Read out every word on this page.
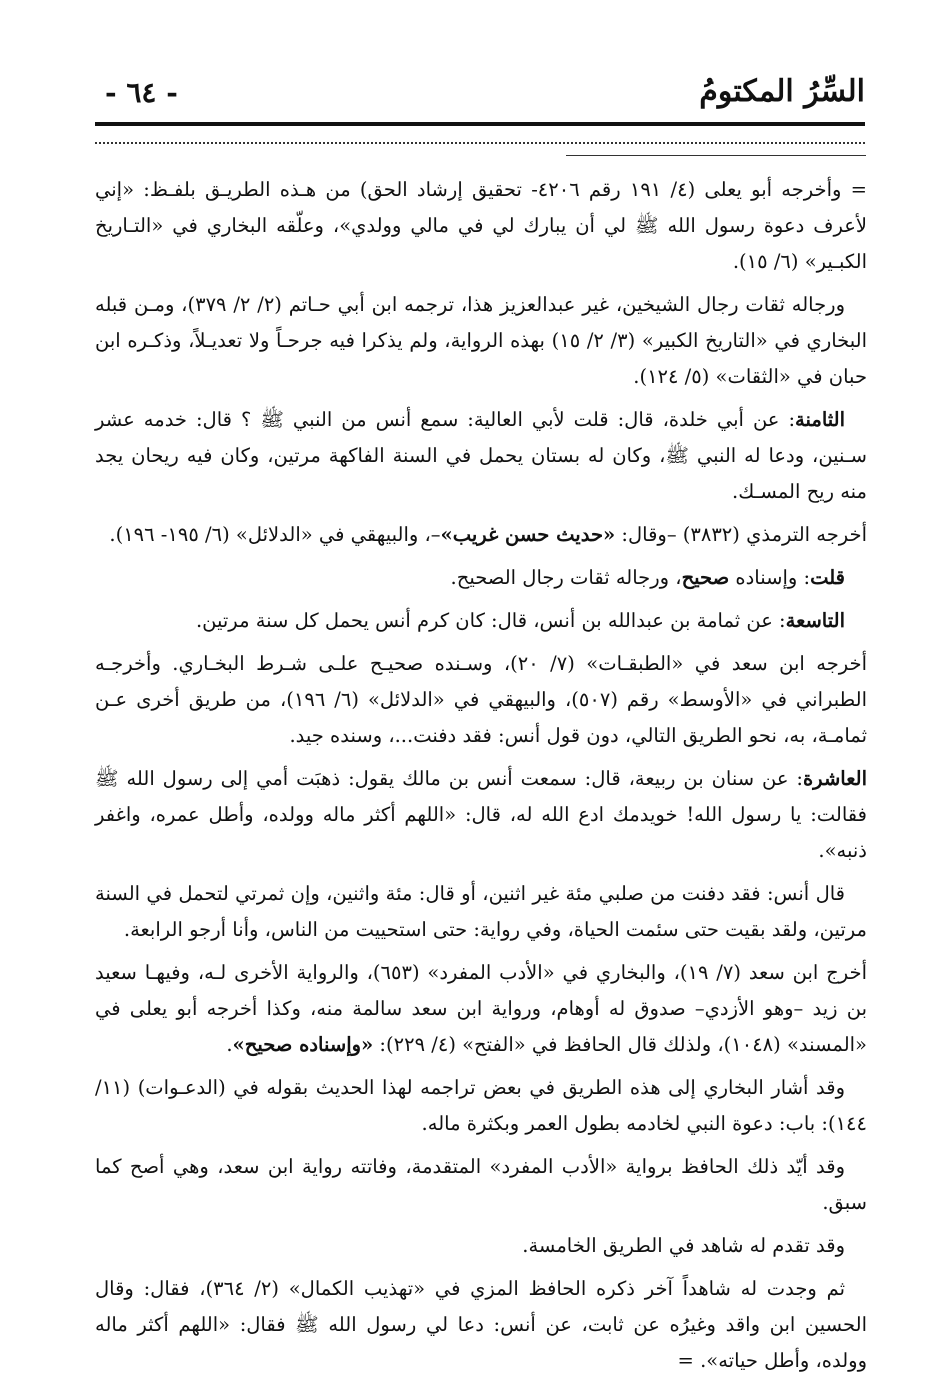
السِّرُ المكتومُ
- ٦٤ -

= وأخرجه أبو يعلى (٤/ ١٩١ رقم ٤٢٠٦- تحقيق إرشاد الحق) من هـذه الطريـق بلفـظ: «إني لأعرف دعوة رسول الله ﷺ لي أن يبارك لي في مالي وولدي»، وعلّقه البخاري في «التـاريخ الكبـير» (٦/ ١٥).

ورجاله ثقات رجال الشيخين، غير عبدالعزيز هذا، ترجمه ابن أبي حـاتم (٢/ ٢/ ٣٧٩)، ومـن قبله البخاري في «التاريخ الكبير» (٣/ ٢/ ١٥) بهذه الرواية، ولم يذكرا فيه جرحـاً ولا تعديـلاً، وذكـره ابن حبان في «الثقات» (٥/ ١٢٤).

الثامنة: عن أبي خلدة، قال: قلت لأبي العالية: سمع أنس من النبي ﷺ ؟ قال: خدمه عشر سـنين، ودعا له النبي ﷺ، وكان له بستان يحمل في السنة الفاكهة مرتين، وكان فيه ريحان يجد منه ريح المسـك.

أخرجه الترمذي (٣٨٣٢) –وقال: «حديث حسن غريب»–، والبيهقي في «الدلائل» (٦/ ١٩٥- ١٩٦).

قلت: وإسناده صحيح، ورجاله ثقات رجال الصحيح.

التاسعة: عن ثمامة بن عبدالله بن أنس، قال: كان كرم أنس يحمل كل سنة مرتين.

أخرجه ابن سعد في «الطبقـات» (٧/ ٢٠)، وسـنده صحيـح علـى شـرط البخـاري. وأخرجـه الطبراني في «الأوسط» رقم (٥٠٧)، والبيهقي في «الدلائل» (٦/ ١٩٦)، من طريق أخرى عـن ثمامـة، به، نحو الطريق التالي، دون قول أنس: فقد دفنت...، وسنده جيد.

العاشرة: عن سنان بن ربيعة، قال: سمعت أنس بن مالك يقول: ذهبَت أمي إلى رسول الله ﷺ فقالت: يا رسول الله! خويدمك ادع الله له، قال: «اللهم أكثر ماله وولده، وأطل عمره، واغفر ذنبه».

قال أنس: فقد دفنت من صلبي مئة غير اثنين، أو قال: مئة واثنين، وإن ثمرتي لتحمل في السنة مرتين، ولقد بقيت حتى سئمت الحياة، وفي رواية: حتى استحييت من الناس، وأنا أرجو الرابعة.

أخرج ابن سعد (٧/ ١٩)، والبخاري في «الأدب المفرد» (٦٥٣)، والرواية الأخرى لـه، وفيهـا سعيد بن زيد –وهو الأزدي– صدوق له أوهام، ورواية ابن سعد سالمة منه، وكذا أخرجه أبو يعلى في «المسند» (١٠٤٨)، ولذلك قال الحافظ في «الفتح» (٤/ ٢٢٩): «وإسناده صحيح».

وقد أشار البخاري إلى هذه الطريق في بعض تراجمه لهذا الحديث بقوله في (الدعـوات) (١١/ ١٤٤): باب: دعوة النبي لخادمه بطول العمر وبكثرة ماله.

وقد أيّد ذلك الحافظ برواية «الأدب المفرد» المتقدمة، وفاتته رواية ابن سعد، وهي أصح كما سبق.

وقد تقدم له شاهد في الطريق الخامسة.

ثم وجدت له شاهداً آخر ذكره الحافظ المزي في «تهذيب الكمال» (٢/ ٣٦٤)، فقال: وقال الحسين ابن واقد وغيرُه عن ثابت، عن أنس: دعا لي رسول الله ﷺ فقال: «اللهم أكثر ماله وولده، وأطل حياته». =
